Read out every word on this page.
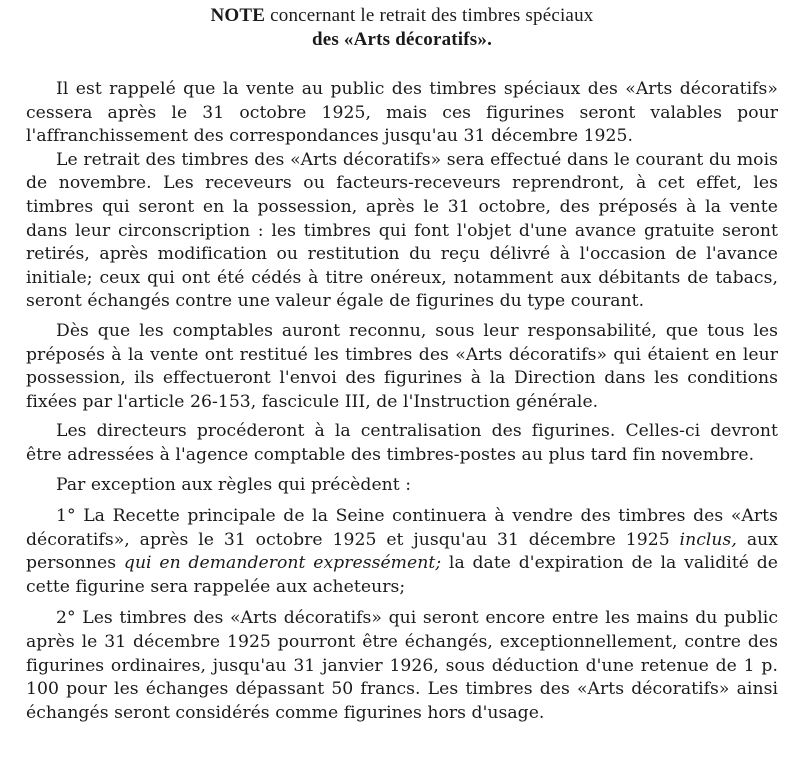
NOTE concernant le retrait des timbres spéciaux
des «Arts décoratifs».

Il est rappelé que la vente au public des timbres spéciaux des «Arts décoratifs» cessera après le 31 octobre 1925, mais ces figurines seront valables pour l'affranchissement des correspondances jusqu'au 31 décembre 1925.

Le retrait des timbres des «Arts décoratifs» sera effectué dans le courant du mois de novembre. Les receveurs ou facteurs-receveurs reprendront, à cet effet, les timbres qui seront en la possession, après le 31 octobre, des préposés à la vente dans leur circonscription : les timbres qui font l'objet d'une avance gratuite seront retirés, après modification ou restitution du reçu délivré à l'occasion de l'avance initiale; ceux qui ont été cédés à titre onéreux, notamment aux débitants de tabacs, seront échangés contre une valeur égale de figurines du type courant.

Dès que les comptables auront reconnu, sous leur responsabilité, que tous les préposés à la vente ont restitué les timbres des «Arts décoratifs» qui étaient en leur possession, ils effectueront l'envoi des figurines à la Direction dans les conditions fixées par l'article 26-153, fascicule III, de l'Instruction générale.

Les directeurs procéderont à la centralisation des figurines. Celles-ci devront être adressées à l'agence comptable des timbres-postes au plus tard fin novembre.

Par exception aux règles qui précèdent :

1° La Recette principale de la Seine continuera à vendre des timbres des «Arts décoratifs», après le 31 octobre 1925 et jusqu'au 31 décembre 1925 inclus, aux personnes qui en demanderont expressément; la date d'expiration de la validité de cette figurine sera rappelée aux acheteurs;

2° Les timbres des «Arts décoratifs» qui seront encore entre les mains du public après le 31 décembre 1925 pourront être échangés, exceptionnellement, contre des figurines ordinaires, jusqu'au 31 janvier 1926, sous déduction d'une retenue de 1 p. 100 pour les échanges dépassant 50 francs. Les timbres des «Arts décoratifs» ainsi échangés seront considérés comme figurines hors d'usage.
